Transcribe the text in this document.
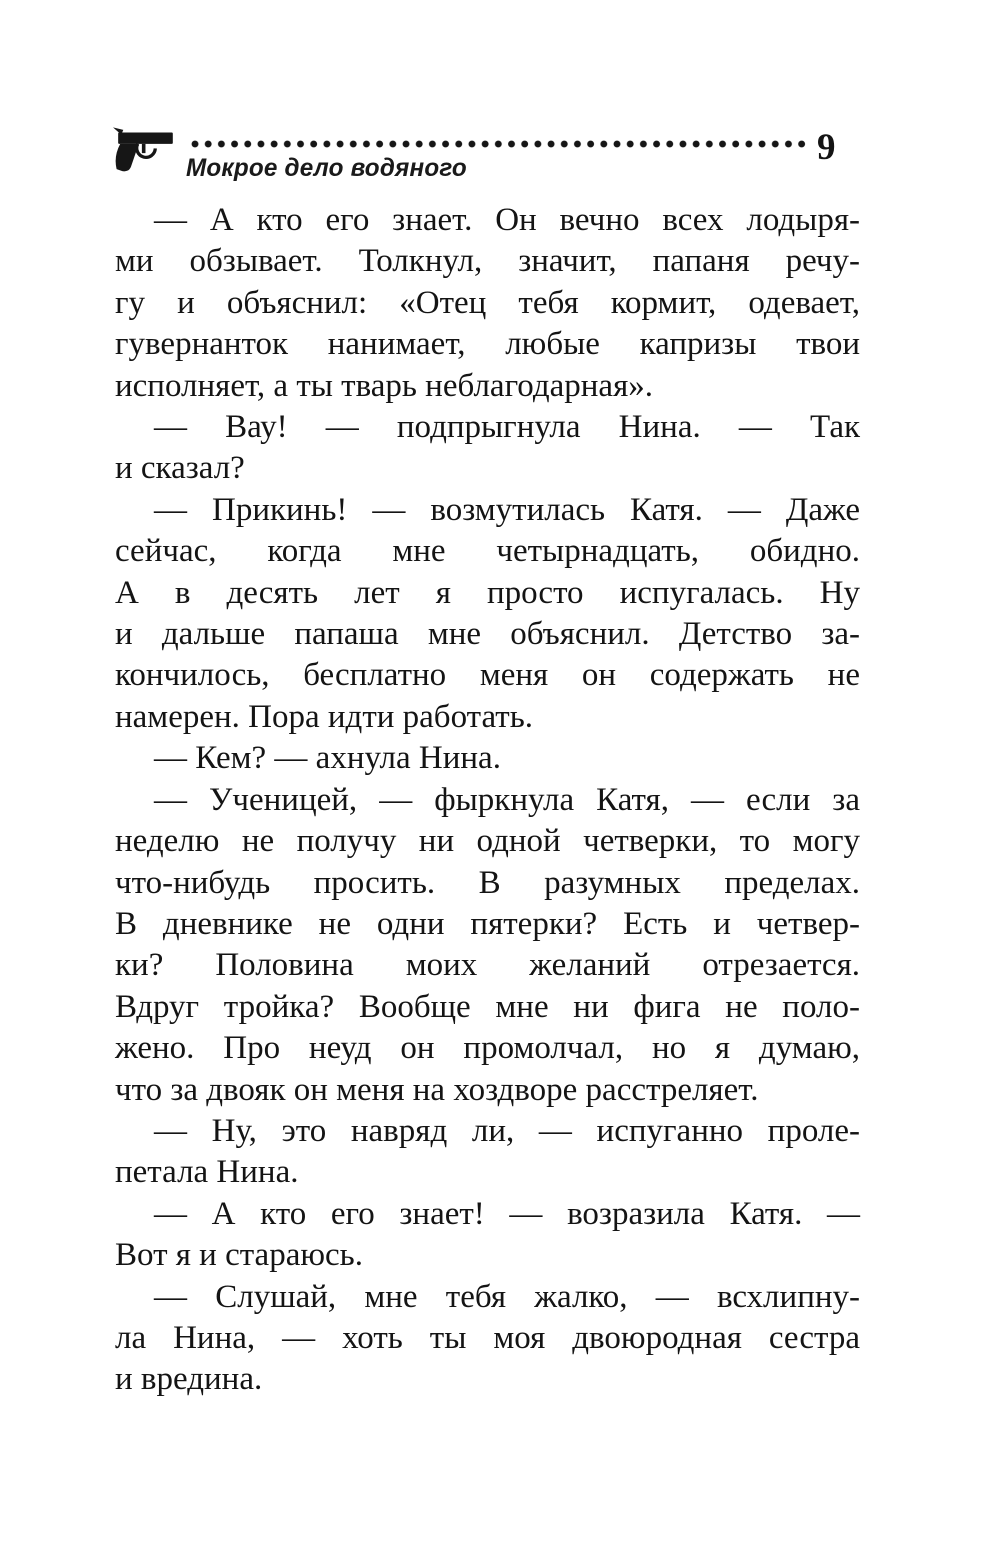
9
Мокрое дело водяного
— А кто его знает. Он вечно всех лодыря-
ми обзывает. Толкнул, значит, папаня речу-
гу и объяснил: «Отец тебя кормит, одевает,
гувернанток нанимает, любые капризы твои
исполняет, а ты тварь неблагодарная».
— Вау! — подпрыгнула Нина. — Так
и сказал?
— Прикинь! — возмутилась Катя. — Даже
сейчас, когда мне четырнадцать, обидно.
А в десять лет я просто испугалась. Ну
и дальше папаша мне объяснил. Детство за-
кончилось, бесплатно меня он содержать не
намерен. Пора идти работать.
— Кем? — ахнула Нина.
— Ученицей, — фыркнула Катя, — если за
неделю не получу ни одной четверки, то могу
что-нибудь просить. В разумных пределах.
В дневнике не одни пятерки? Есть и четвер-
ки? Половина моих желаний отрезается.
Вдруг тройка? Вообще мне ни фига не поло-
жено. Про неуд он промолчал, но я думаю,
что за двояк он меня на хоздворе расстреляет.
— Ну, это навряд ли, — испуганно проле-
петала Нина.
— А кто его знает! — возразила Катя. —
Вот я и стараюсь.
— Слушай, мне тебя жалко, — всхлипну-
ла Нина, — хоть ты моя двоюродная сестра
и вредина.
